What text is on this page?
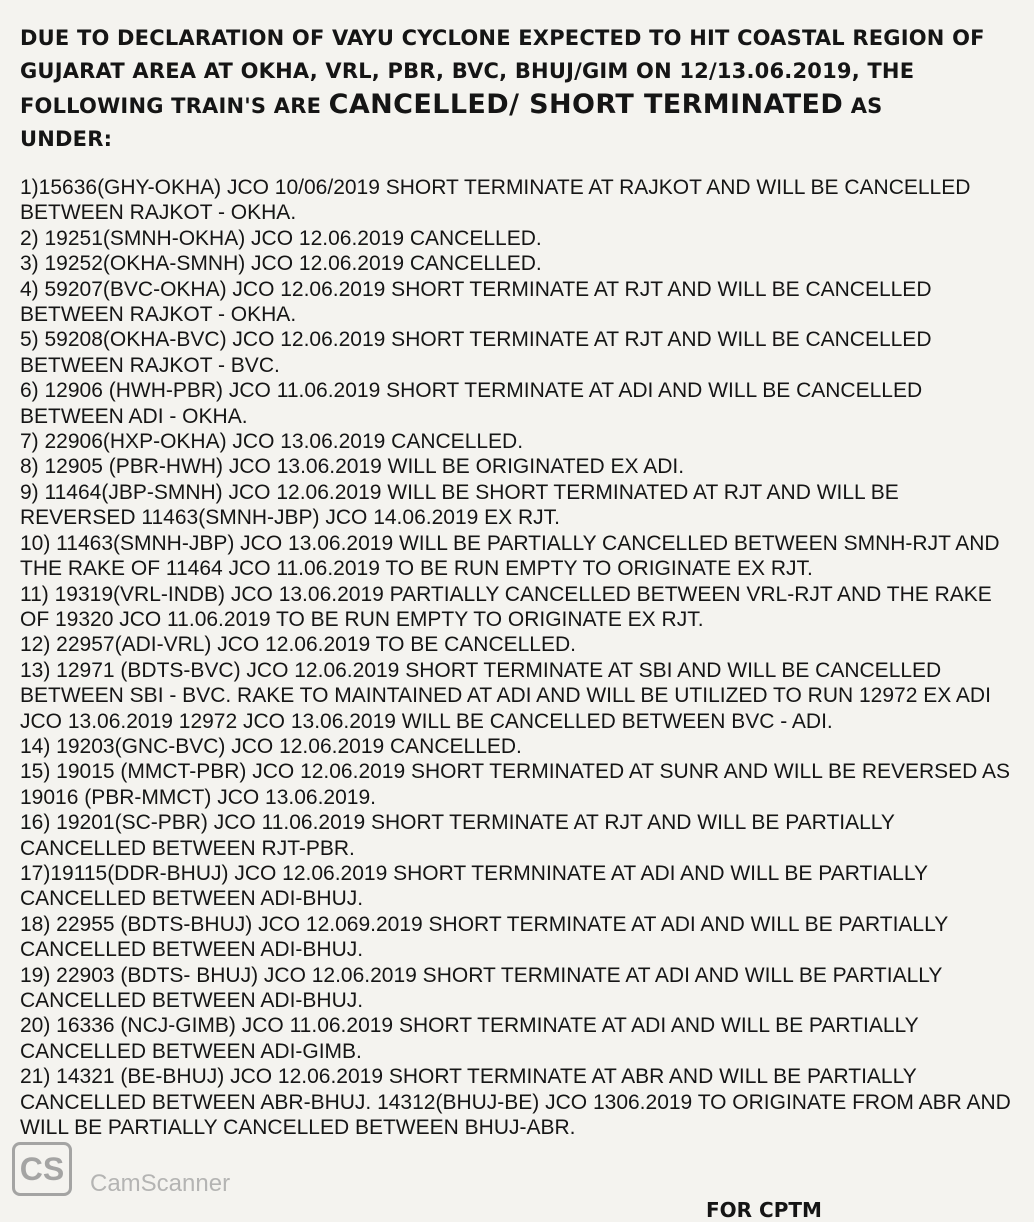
DUE TO DECLARATION OF VAYU CYCLONE EXPECTED TO HIT COASTAL REGION OF
GUJARAT AREA AT OKHA, VRL, PBR, BVC, BHUJ/GIM ON 12/13.06.2019, THE
FOLLOWING TRAIN'S ARE CANCELLED/ SHORT TERMINATED AS
UNDER:

1)15636(GHY-OKHA) JCO 10/06/2019 SHORT TERMINATE AT RAJKOT AND WILL BE CANCELLED BETWEEN RAJKOT - OKHA.

2) 19251(SMNH-OKHA) JCO 12.06.2019 CANCELLED.

3) 19252(OKHA-SMNH) JCO 12.06.2019 CANCELLED.

4) 59207(BVC-OKHA) JCO 12.06.2019 SHORT TERMINATE AT RJT AND WILL BE CANCELLED BETWEEN RAJKOT - OKHA.

5) 59208(OKHA-BVC) JCO 12.06.2019 SHORT TERMINATE AT RJT AND WILL BE CANCELLED BETWEEN RAJKOT - BVC.

6) 12906 (HWH-PBR) JCO 11.06.2019 SHORT TERMINATE AT ADI AND WILL BE CANCELLED BETWEEN ADI - OKHA.

7) 22906(HXP-OKHA) JCO 13.06.2019 CANCELLED.

8) 12905 (PBR-HWH) JCO 13.06.2019 WILL BE ORIGINATED EX ADI.

9) 11464(JBP-SMNH) JCO 12.06.2019 WILL BE SHORT TERMINATED AT RJT AND WILL BE REVERSED 11463(SMNH-JBP) JCO 14.06.2019 EX RJT.

10) 11463(SMNH-JBP) JCO 13.06.2019 WILL BE PARTIALLY CANCELLED BETWEEN SMNH-RJT AND THE RAKE OF 11464 JCO 11.06.2019 TO BE RUN EMPTY TO ORIGINATE EX RJT.

11) 19319(VRL-INDB) JCO 13.06.2019 PARTIALLY CANCELLED BETWEEN VRL-RJT AND THE RAKE OF 19320 JCO 11.06.2019 TO BE RUN EMPTY TO ORIGINATE EX RJT.

12) 22957(ADI-VRL) JCO 12.06.2019 TO BE CANCELLED.

13) 12971 (BDTS-BVC) JCO 12.06.2019 SHORT TERMINATE AT SBI AND WILL BE CANCELLED BETWEEN SBI - BVC. RAKE TO MAINTAINED AT ADI AND WILL BE UTILIZED TO RUN 12972 EX ADI JCO 13.06.2019 12972 JCO 13.06.2019 WILL BE CANCELLED BETWEEN BVC - ADI.

14) 19203(GNC-BVC) JCO 12.06.2019 CANCELLED.

15) 19015 (MMCT-PBR) JCO 12.06.2019 SHORT TERMINATED AT SUNR AND WILL BE REVERSED AS 19016 (PBR-MMCT) JCO 13.06.2019.

16) 19201(SC-PBR) JCO 11.06.2019 SHORT TERMINATE AT RJT AND WILL BE PARTIALLY CANCELLED BETWEEN RJT-PBR.

17)19115(DDR-BHUJ) JCO 12.06.2019 SHORT TERMNINATE AT ADI AND WILL BE PARTIALLY CANCELLED BETWEEN ADI-BHUJ.

18) 22955 (BDTS-BHUJ) JCO 12.069.2019 SHORT TERMINATE AT ADI AND WILL BE PARTIALLY CANCELLED BETWEEN ADI-BHUJ.

19) 22903 (BDTS- BHUJ) JCO 12.06.2019 SHORT TERMINATE AT ADI AND WILL BE PARTIALLY CANCELLED BETWEEN ADI-BHUJ.

20) 16336 (NCJ-GIMB) JCO 11.06.2019 SHORT TERMINATE AT ADI AND WILL BE PARTIALLY CANCELLED BETWEEN ADI-GIMB.

21) 14321 (BE-BHUJ) JCO 12.06.2019 SHORT TERMINATE AT ABR AND WILL BE PARTIALLY CANCELLED BETWEEN ABR-BHUJ. 14312(BHUJ-BE) JCO 1306.2019 TO ORIGINATE FROM ABR AND WILL BE PARTIALLY CANCELLED BETWEEN BHUJ-ABR.

CS	CamScanner
FOR CPTM
